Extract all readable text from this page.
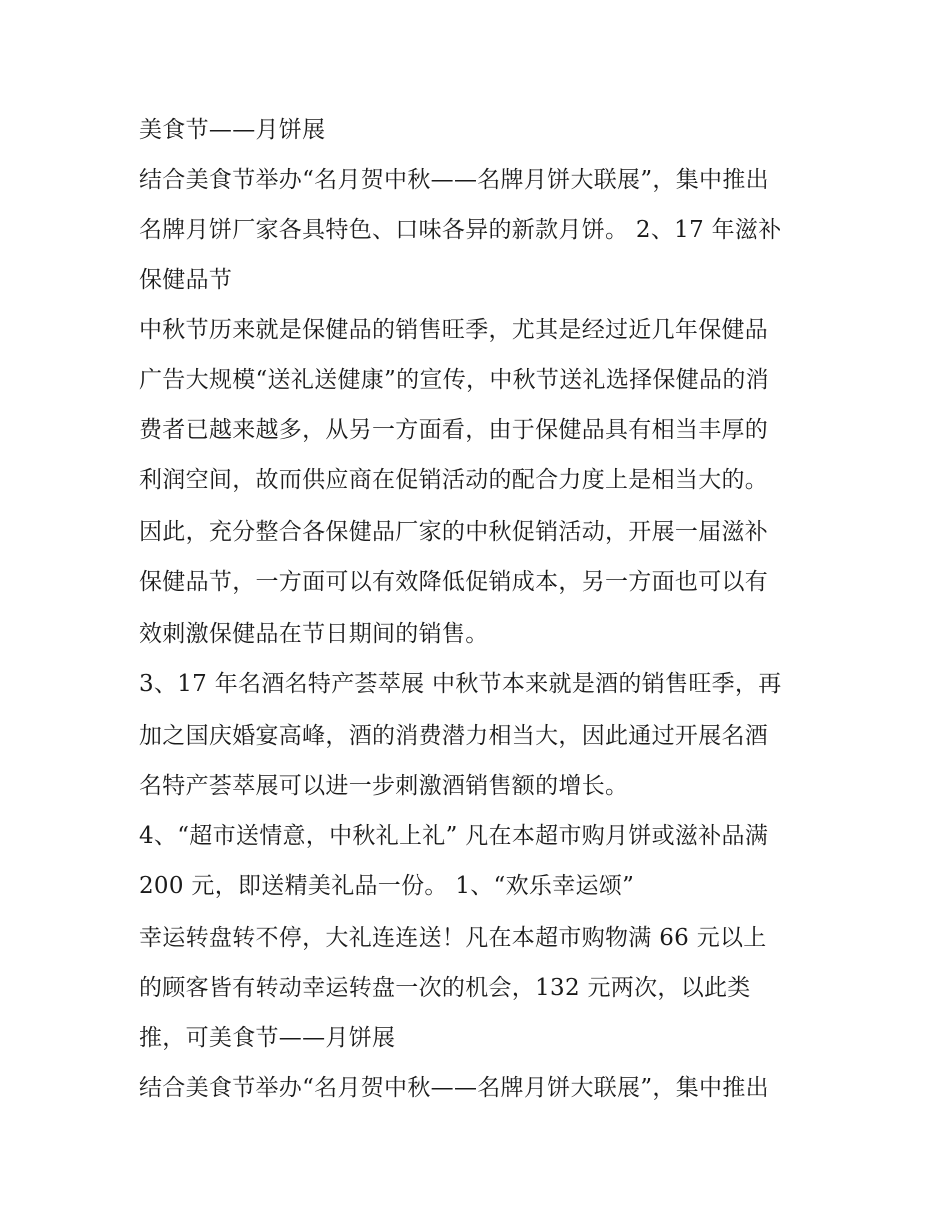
美食节——月饼展
结合美食节举办“名月贺中秋——名牌月饼大联展”，集中推出
名牌月饼厂家各具特色、口味各异的新款月饼。 2、17 年滋补
保健品节
中秋节历来就是保健品的销售旺季，尤其是经过近几年保健品
广告大规模“送礼送健康”的宣传，中秋节送礼选择保健品的消
费者已越来越多，从另一方面看，由于保健品具有相当丰厚的
利润空间，故而供应商在促销活动的配合力度上是相当大的。
因此，充分整合各保健品厂家的中秋促销活动，开展一届滋补
保健品节，一方面可以有效降低促销成本，另一方面也可以有
效刺激保健品在节日期间的销售。
3、17 年名酒名特产荟萃展 中秋节本来就是酒的销售旺季，再
加之国庆婚宴高峰，酒的消费潜力相当大，因此通过开展名酒
名特产荟萃展可以进一步刺激酒销售额的增长。
4、“超市送情意，中秋礼上礼” 凡在本超市购月饼或滋补品满
200 元，即送精美礼品一份。 1、“欢乐幸运颂”
幸运转盘转不停，大礼连连送！凡在本超市购物满 66 元以上
的顾客皆有转动幸运转盘一次的机会，132 元两次，以此类
推，可美食节——月饼展
结合美食节举办“名月贺中秋——名牌月饼大联展”，集中推出
